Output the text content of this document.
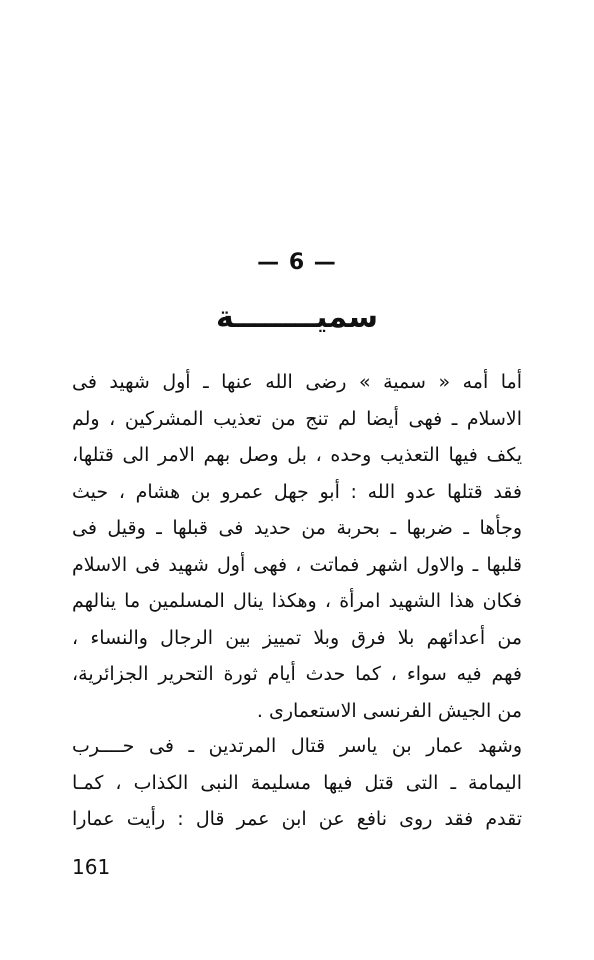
— 6 —
سميــــــــة
أما أمه « سمية » رضى الله عنها ـ أول شهيد فى
الاسلام ـ فهى أيضا لم تنج من تعذيب المشركين ، ولم
يكف فيها التعذيب وحده ، بل وصل بهم الامر الى قتلها،
فقد قتلها عدو الله : أبو جهل عمرو بن هشام ، حيث
وجأها ـ ضربها ـ بحربة من حديد فى قبلها ـ وقيل فى
قلبها ـ والاول اشهر فماتت ، فهى أول شهيد فى الاسلام
فكان هذا الشهيد امرأة ، وهكذا ينال المسلمين ما ينالهم
من أعدائهم بلا فرق وبلا تمييز بين الرجال والنساء ،
فهم فيه سواء ، كما حدث أيام ثورة التحرير الجزائرية،
من الجيش الفرنسى الاستعمارى .
وشهد عمار بن ياسر قتال المرتدين ـ فى حــــرب
اليمامة ـ التى قتل فيها مسليمة النبى الكذاب ، كمـا
تقدم فقد روى نافع عن ابن عمر قال : رأيت عمارا
161
